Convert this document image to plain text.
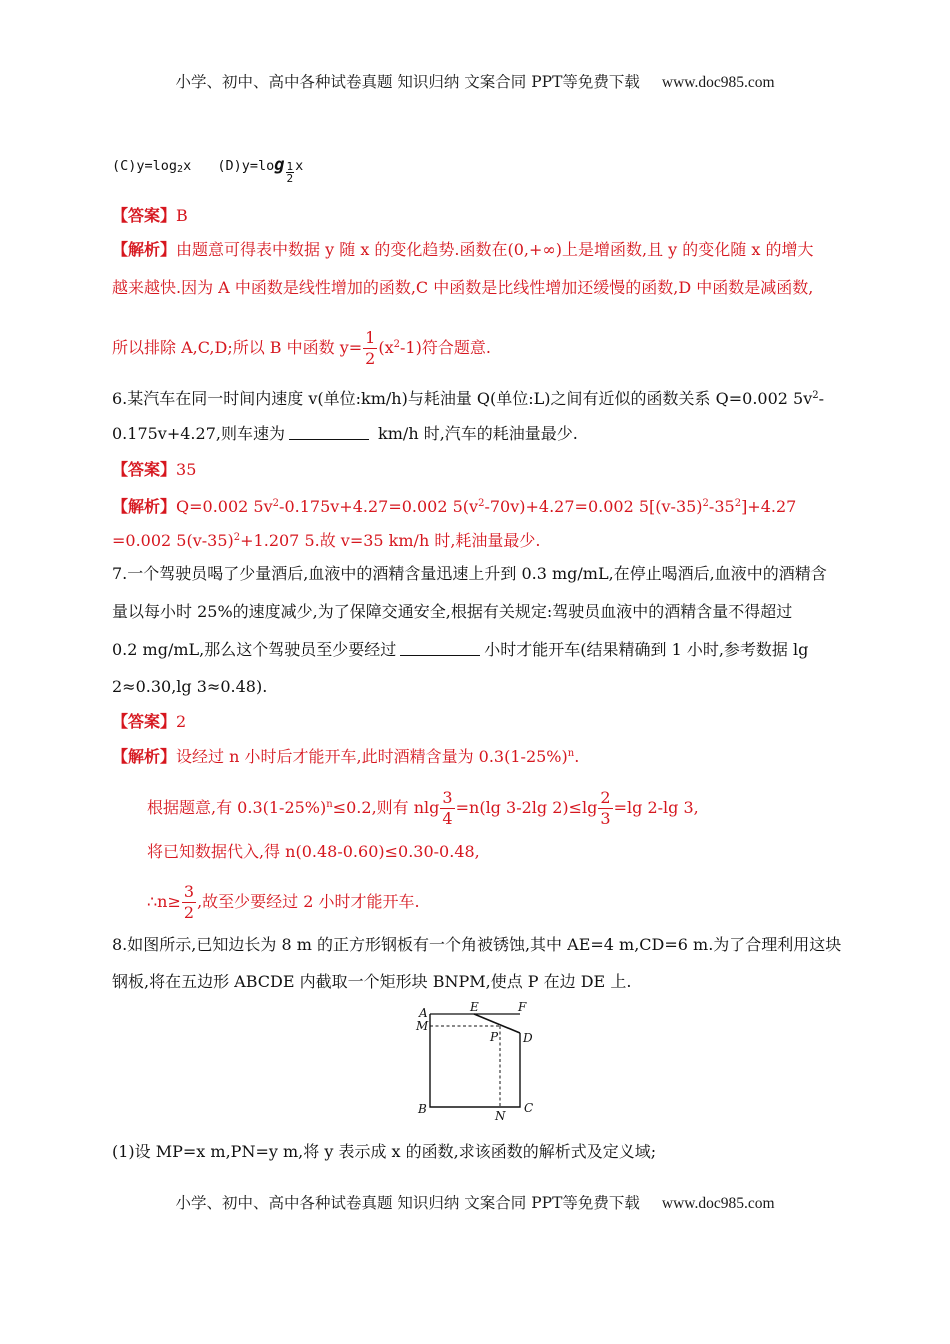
小学、初中、高中各种试卷真题 知识归纳 文案合同 PPT等免费下载 www.doc985.com
$(C)y=\log_2x$ $(D)y=\log \frac{1}{2}$ x
【答案】B
【解析】由题意可得表中数据 y 随 x 的变化趋势.函数在(0,+∞)上是增函数,且 y 的变化随 x 的增大
越来越快.因为 A 中函数是线性增加的函数,C 中函数是比线性增加还缓慢的函数,D 中函数是减函数,
所以排除 A,C,D;所以 B 中函数 $y= \frac{1}{2} (x^2-1)$符合题意.
6.某汽车在同一时间内速度 v(单位:km/h)与耗油量 Q(单位:L)之间有近似的函数关系 Q=0.002 $5v^2-$
0.175v+4.27,则车速为	km/h 时,汽车的耗油量最少.
【答案】35
【解析】Q=0.002 $5v^2-0.175v+4.27=0.002$ $5(v^2-70v)+4.27=0.002$ $5[(v-35)^2-35^2]+4.27$
=0.002 $5(v-35)^2+1.207$ 5.故 v=35 km/h 时,耗油量最少.
7.一个驾驶员喝了少量酒后,血液中的酒精含量迅速上升到 0.3 mg/mL,在停止喝酒后,血液中的酒精含
量以每小时 25%的速度减少,为了保障交通安全,根据有关规定:驾驶员血液中的酒精含量不得超过
0.2 mg/mL,那么这个驾驶员至少要经过	小时才能开车(结果精确到 1 小时,参考数据 lg
2≈0.30,lg 3≈0.48).
【答案】2
【解析】设经过 n 小时后才能开车,此时酒精含量为 $0.3(1-25\%)^n$.
根据题意,有 $0.3(1-25\%)^n\le 0.2$,则有 nlg $\frac{3}{4} =n(\lg$ 3-2lg $2)\le\lg \frac{2}{3} =\lg$ 2-lg 3,
将已知数据代入,得 n(0.48-0.60)≤0.30-0.48,
∴n≥ $\frac{3}{2}$ ,故至少要经过 2 小时才能开车.
8.如图所示,已知边长为 8 m 的正方形钢板有一个角被锈蚀,其中 AE=4 m,CD=6 m.为了合理利用这块
钢板,将在五边形 ABCDE 内截取一个矩形块 BNPM,使点 P 在边 DE 上.
A
M
E	F
P D
B	N
C
(1)设 MP=x m,PN=y m,将 y 表示成 x 的函数,求该函数的解析式及定义域;
小学、初中、高中各种试卷真题 知识归纳 文案合同 PPT等免费下载 www.doc985.com
